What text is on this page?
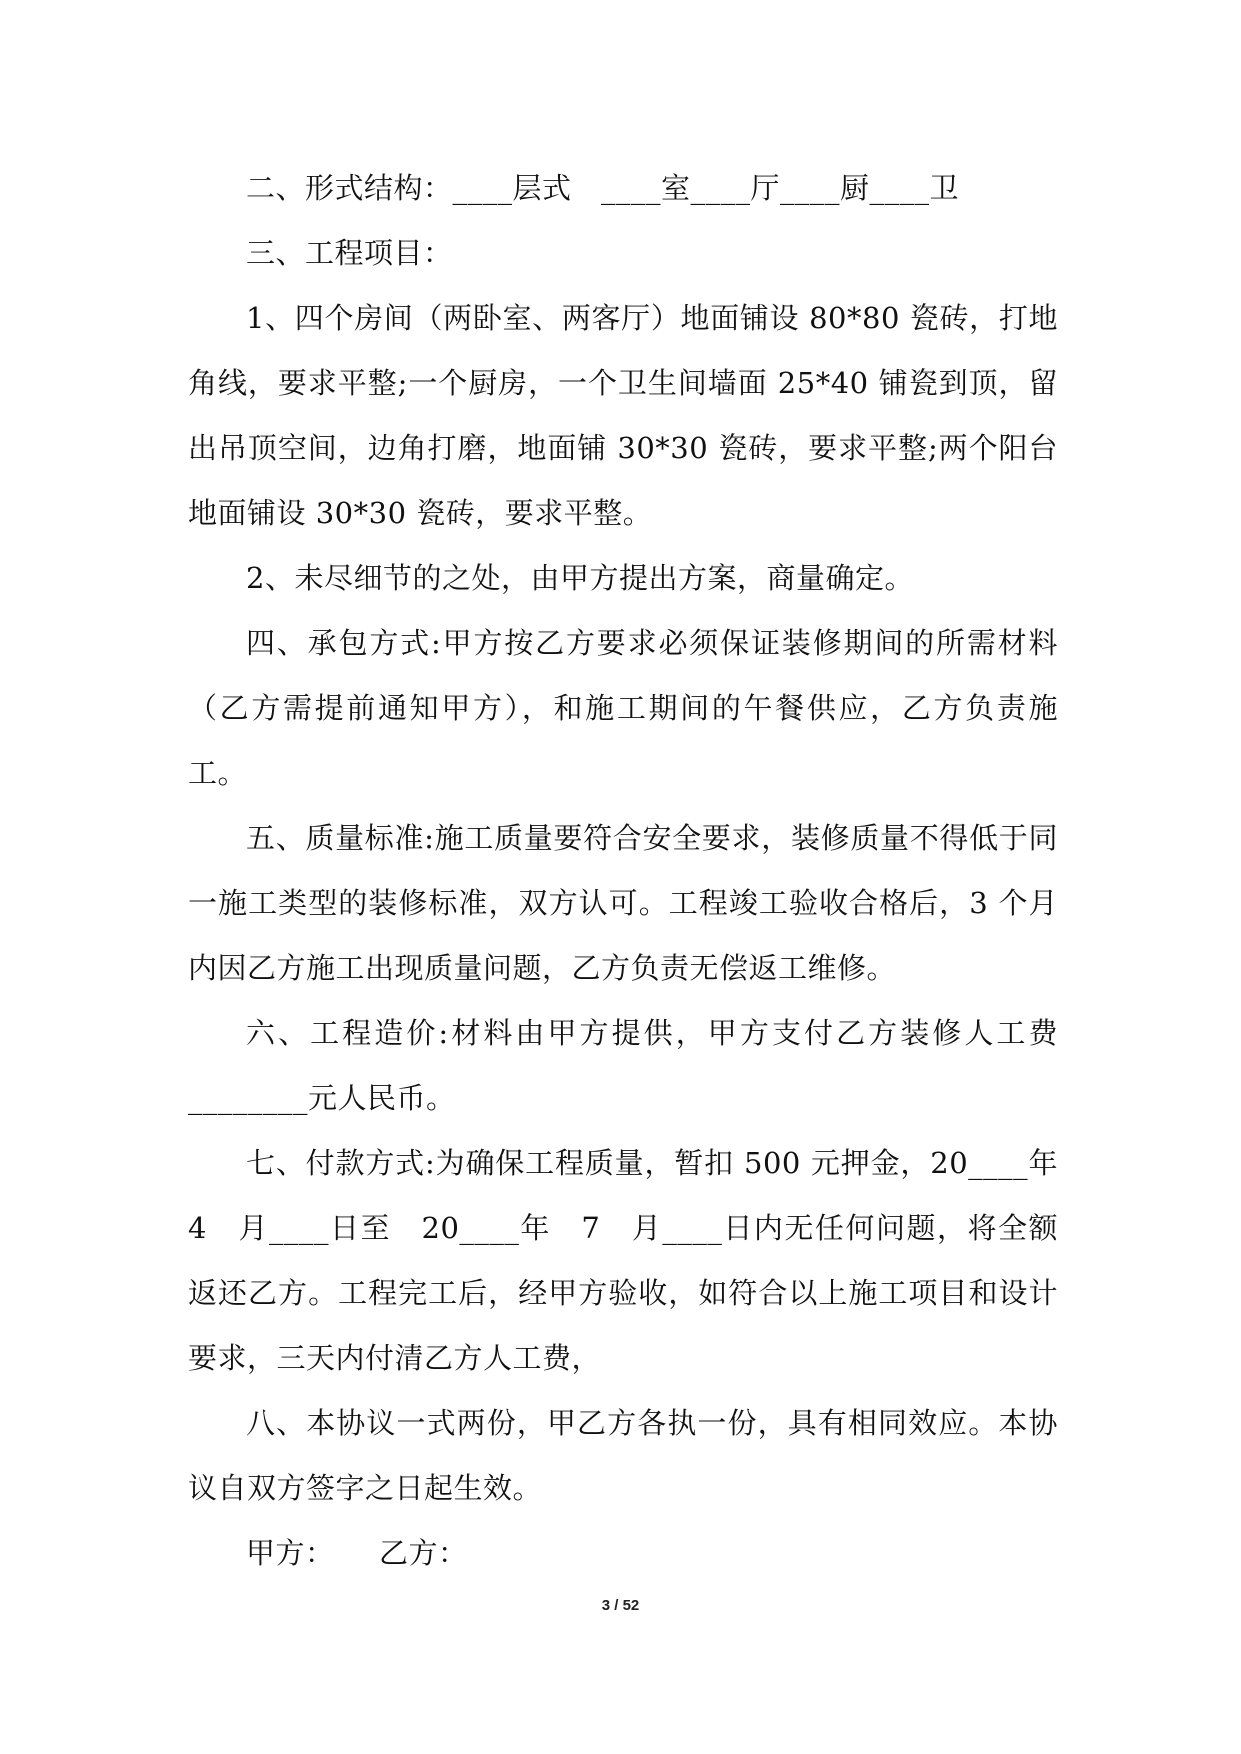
二、形式结构：____层式　____室____厅____厨____卫

三、工程项目：

1、四个房间（两卧室、两客厅）地面铺设 80*80 瓷砖，打地角线，要求平整;一个厨房，一个卫生间墙面 25*40 铺瓷到顶，留出吊顶空间，边角打磨，地面铺 30*30 瓷砖，要求平整;两个阳台地面铺设 30*30 瓷砖，要求平整。

2、未尽细节的之处，由甲方提出方案，商量确定。

四、承包方式:甲方按乙方要求必须保证装修期间的所需材料（乙方需提前通知甲方），和施工期间的午餐供应，乙方负责施工。

五、质量标准:施工质量要符合安全要求，装修质量不得低于同一施工类型的装修标准，双方认可。工程竣工验收合格后，3 个月内因乙方施工出现质量问题，乙方负责无偿返工维修。

六、工程造价:材料由甲方提供，甲方支付乙方装修人工费________元人民币。

七、付款方式:为确保工程质量，暂扣 500 元押金，20____年　4　月____日至　20____年　7　月____日内无任何问题，将全额返还乙方。工程完工后，经甲方验收，如符合以上施工项目和设计要求，三天内付清乙方人工费，

八、本协议一式两份，甲乙方各执一份，具有相同效应。本协议自双方签字之日起生效。

甲方：　　乙方：

3 / 52
